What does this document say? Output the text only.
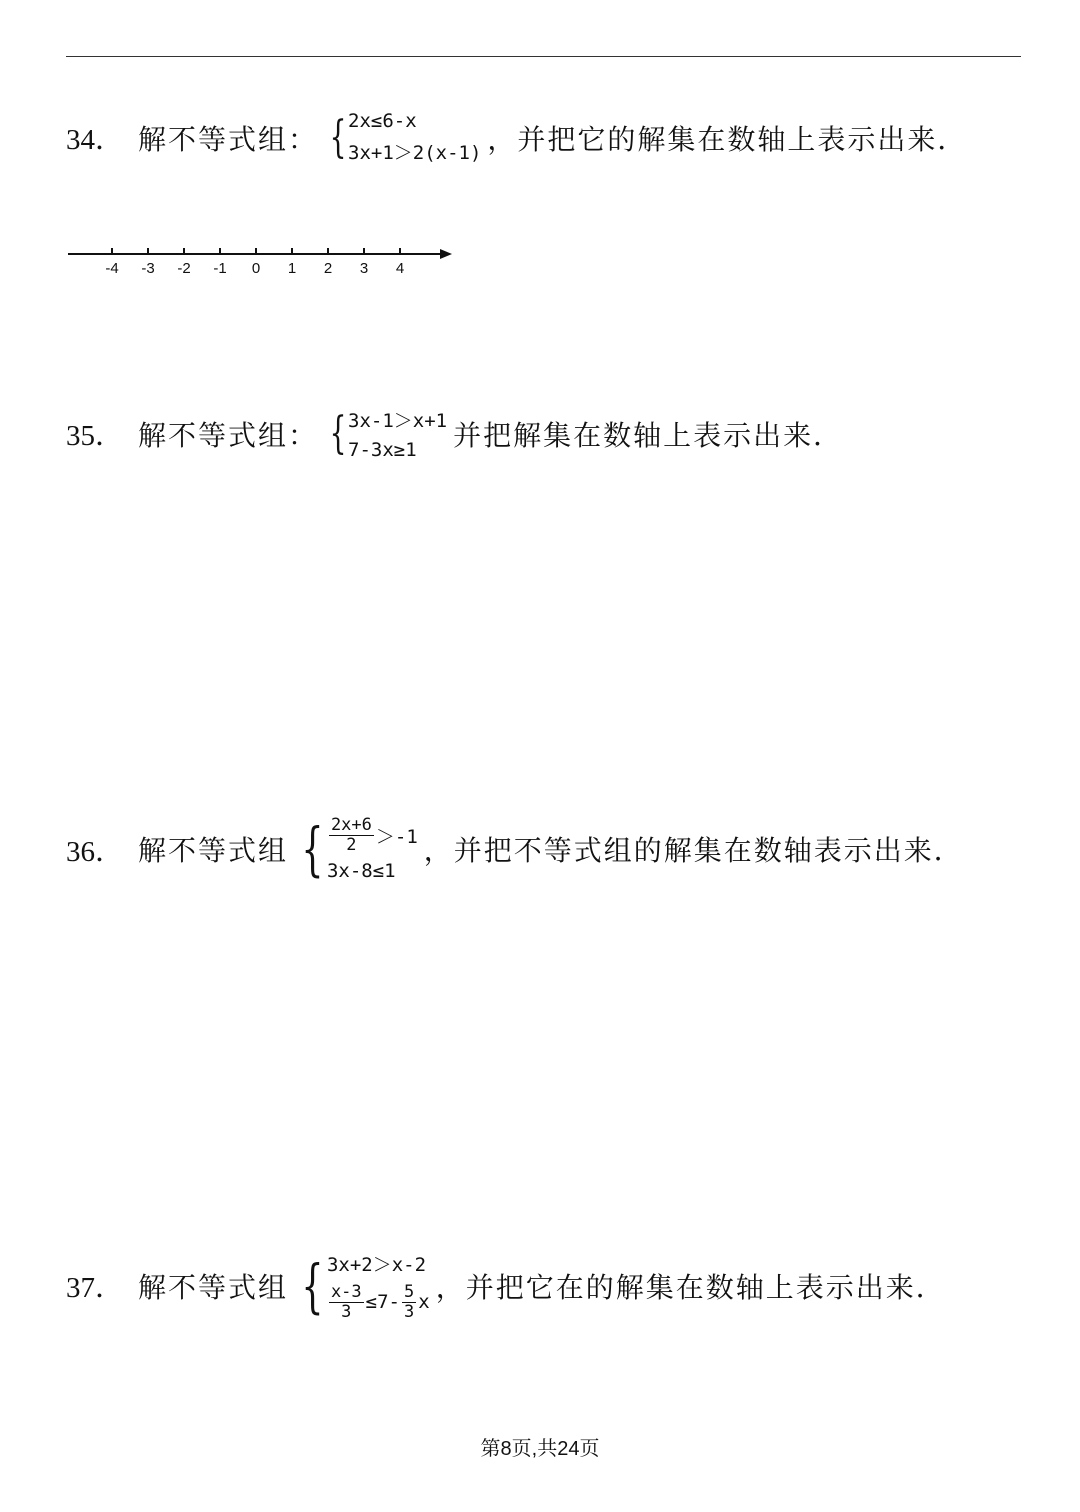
34． 解不等式组： { 2x≤6-x
3x+1＞2(x-1) ，并把它的解集在数轴上表示出来．
-4 -3 -2 -1 0 1 2 3 4
35． 解不等式组： { 3x-1＞x+1
7-3x≥1	并把解集在数轴上表示出来．
36． 解不等式组 { $\frac{2x+6}{2} >-1$
3x-8≤1
，并把不等式组的解集在数轴表示出来．
37． 解不等式组 { 3x+2＞x-2
$\frac{x-3}{3} \le 7- \frac{5}{3}$ x ，并把它在的解集在数轴上表示出来．
第8页,共24页
